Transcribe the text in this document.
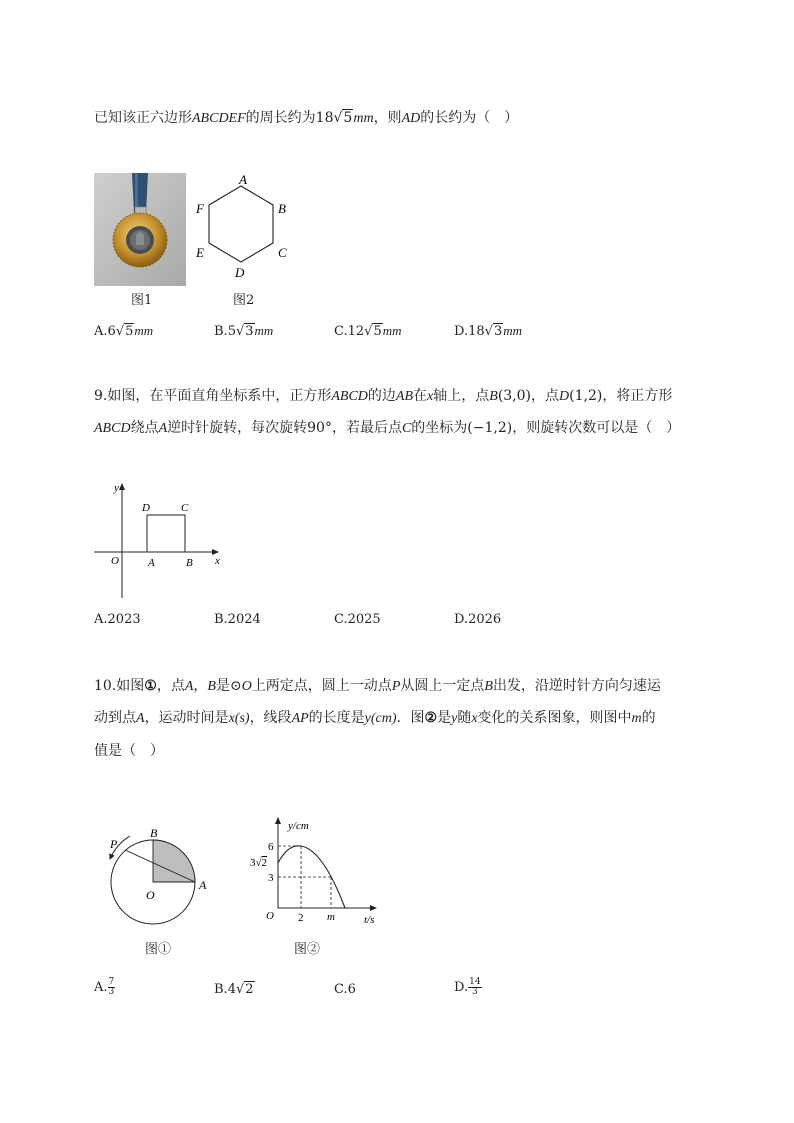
已知该正六边形ABCDEF的周长约为18√5mm，则AD的长约为（　）
图1
A
B
C
D
E
F
图2
A.6√5mm	B.5√3mm	C.12√5mm	D.18√3mm
9.如图，在平面直角坐标系中，正方形ABCD的边AB在x轴上，点B(3,0)，点D(1,2)，将正方形
ABCD绕点A逆时针旋转，每次旋转90°，若最后点C的坐标为(−1,2)，则旋转次数可以是（　）
y
x
O	A	B
D	C
A.2023	B.2024	C.2025	D.2026
10.如图①，点A，B是⊙O上两定点，圆上一动点P从圆上一定点B出发，沿逆时针方向匀速运
动到点A，运动时间是x(s)，线段AP的长度是y(cm)．图②是y随x变化的关系图象，则图中m的
值是（　）
P
B
A
O
图①
y/cm
6
3√2
3
O 2 m	t/s
图②
A. $\frac{7}{3}$	B.4√2	C.6	D. $\frac{14}{3}$
